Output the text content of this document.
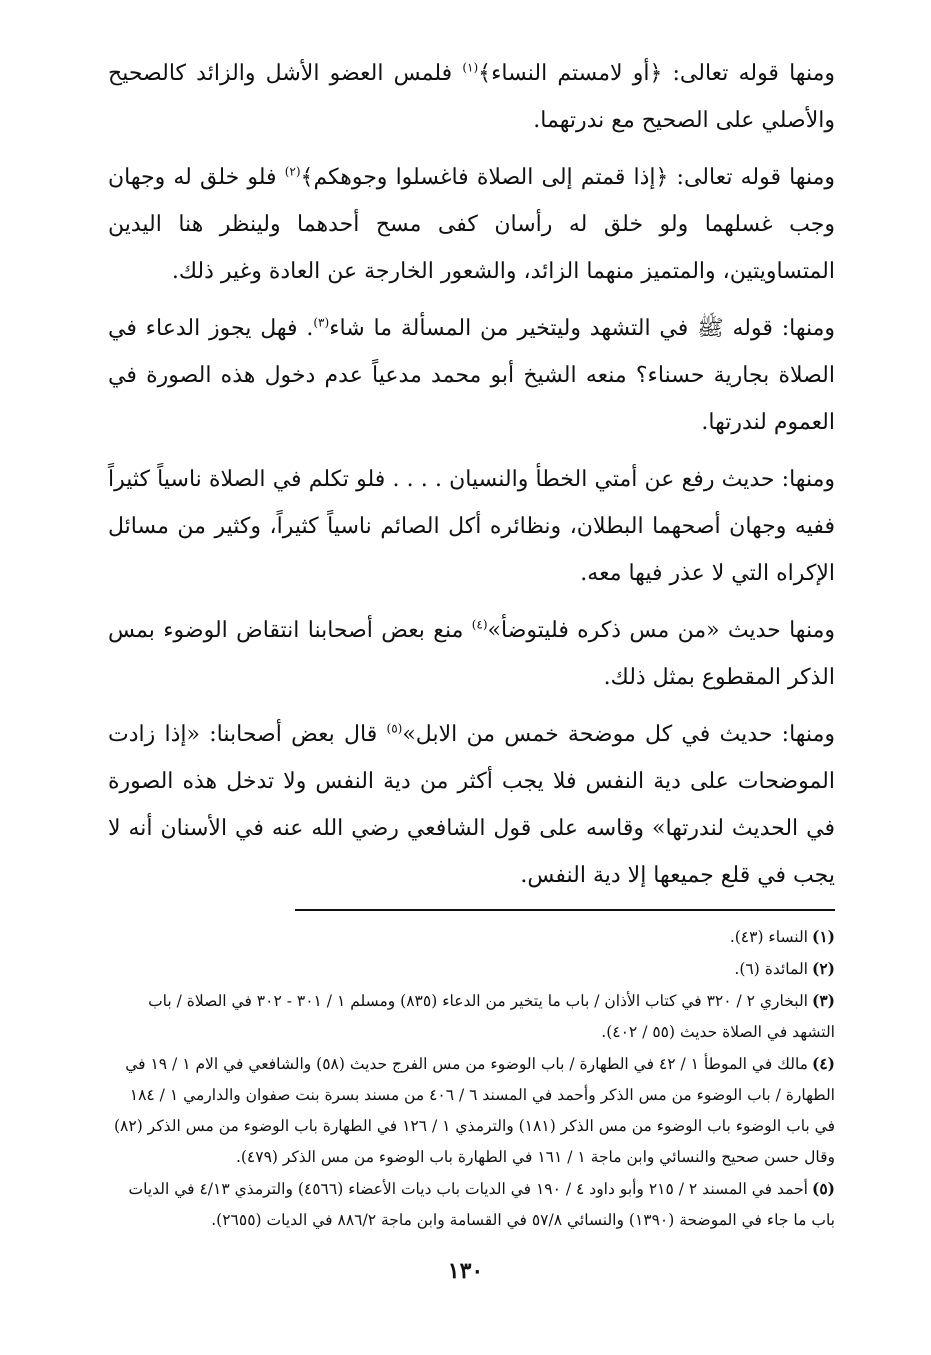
ومنها قوله تعالى: ﴿أو لامستم النساء﴾$^{(١)}$ فلمس العضو الأشل والزائد كالصحيح والأصلي على الصحيح مع ندرتهما.

ومنها قوله تعالى: ﴿إذا قمتم إلى الصلاة فاغسلوا وجوهكم﴾$^{(٢)}$ فلو خلق له وجهان وجب غسلهما ولو خلق له رأسان كفى مسح أحدهما ولينظر هنا اليدين المتساويتين، والمتميز منهما الزائد، والشعور الخارجة عن العادة وغير ذلك.

ومنها: قوله ﷺ في التشهد وليتخير من المسألة ما شاء$^{(٣)}$. فهل يجوز الدعاء في الصلاة بجارية حسناء؟ منعه الشيخ أبو محمد مدعياً عدم دخول هذه الصورة في العموم لندرتها.

ومنها: حديث رفع عن أمتي الخطأ والنسيان . . . . فلو تكلم في الصلاة ناسياً كثيراً ففيه وجهان أصحهما البطلان، ونظائره أكل الصائم ناسياً كثيراً، وكثير من مسائل الإكراه التي لا عذر فيها معه.

ومنها حديث «من مس ذكره فليتوضأ»$^{(٤)}$ منع بعض أصحابنا انتقاض الوضوء بمس الذكر المقطوع بمثل ذلك.

ومنها: حديث في كل موضحة خمس من الابل»$^{(٥)}$ قال بعض أصحابنا: «إذا زادت الموضحات على دية النفس فلا يجب أكثر من دية النفس ولا تدخل هذه الصورة في الحديث لندرتها» وقاسه على قول الشافعي رضي الله عنه في الأسنان أنه لا يجب في قلع جميعها إلا دية النفس.

(١)النساء (٤٣).

(٢)المائدة (٦).

(٣)البخاري ٢ / ٣٢٠ في كتاب الأذان / باب ما يتخير من الدعاء (٨٣٥) ومسلم ١ / ٣٠١ - ٣٠٢ في الصلاة / باب التشهد في الصلاة حديث (٥٥ / ٤٠٢).

(٤)مالك في الموطأ ١ / ٤٢ في الطهارة / باب الوضوء من مس الفرج حديث (٥٨) والشافعي في الام ١ / ١٩ في الطهارة / باب الوضوء من مس الذكر وأحمد في المسند ٦ / ٤٠٦ من مسند بسرة بنت صفوان والدارمي ١ / ١٨٤ في باب الوضوء باب الوضوء من مس الذكر (١٨١) والترمذي ١ / ١٢٦ في الطهارة باب الوضوء من مس الذكر (٨٢) وقال حسن صحيح والنسائي وابن ماجة ١ / ١٦١ في الطهارة باب الوضوء من مس الذكر (٤٧٩).

(٥)أحمد في المسند ٢ / ٢١٥ وأبو داود ٤ / ١٩٠ في الديات باب ديات الأعضاء (٤٥٦٦) والترمذي ٤/١٣ في الديات باب ما جاء في الموضحة (١٣٩٠) والنسائي ٥٧/٨ في القسامة وابن ماجة ٨٨٦/٢ في الديات (٢٦٥٥).

١٣٠
